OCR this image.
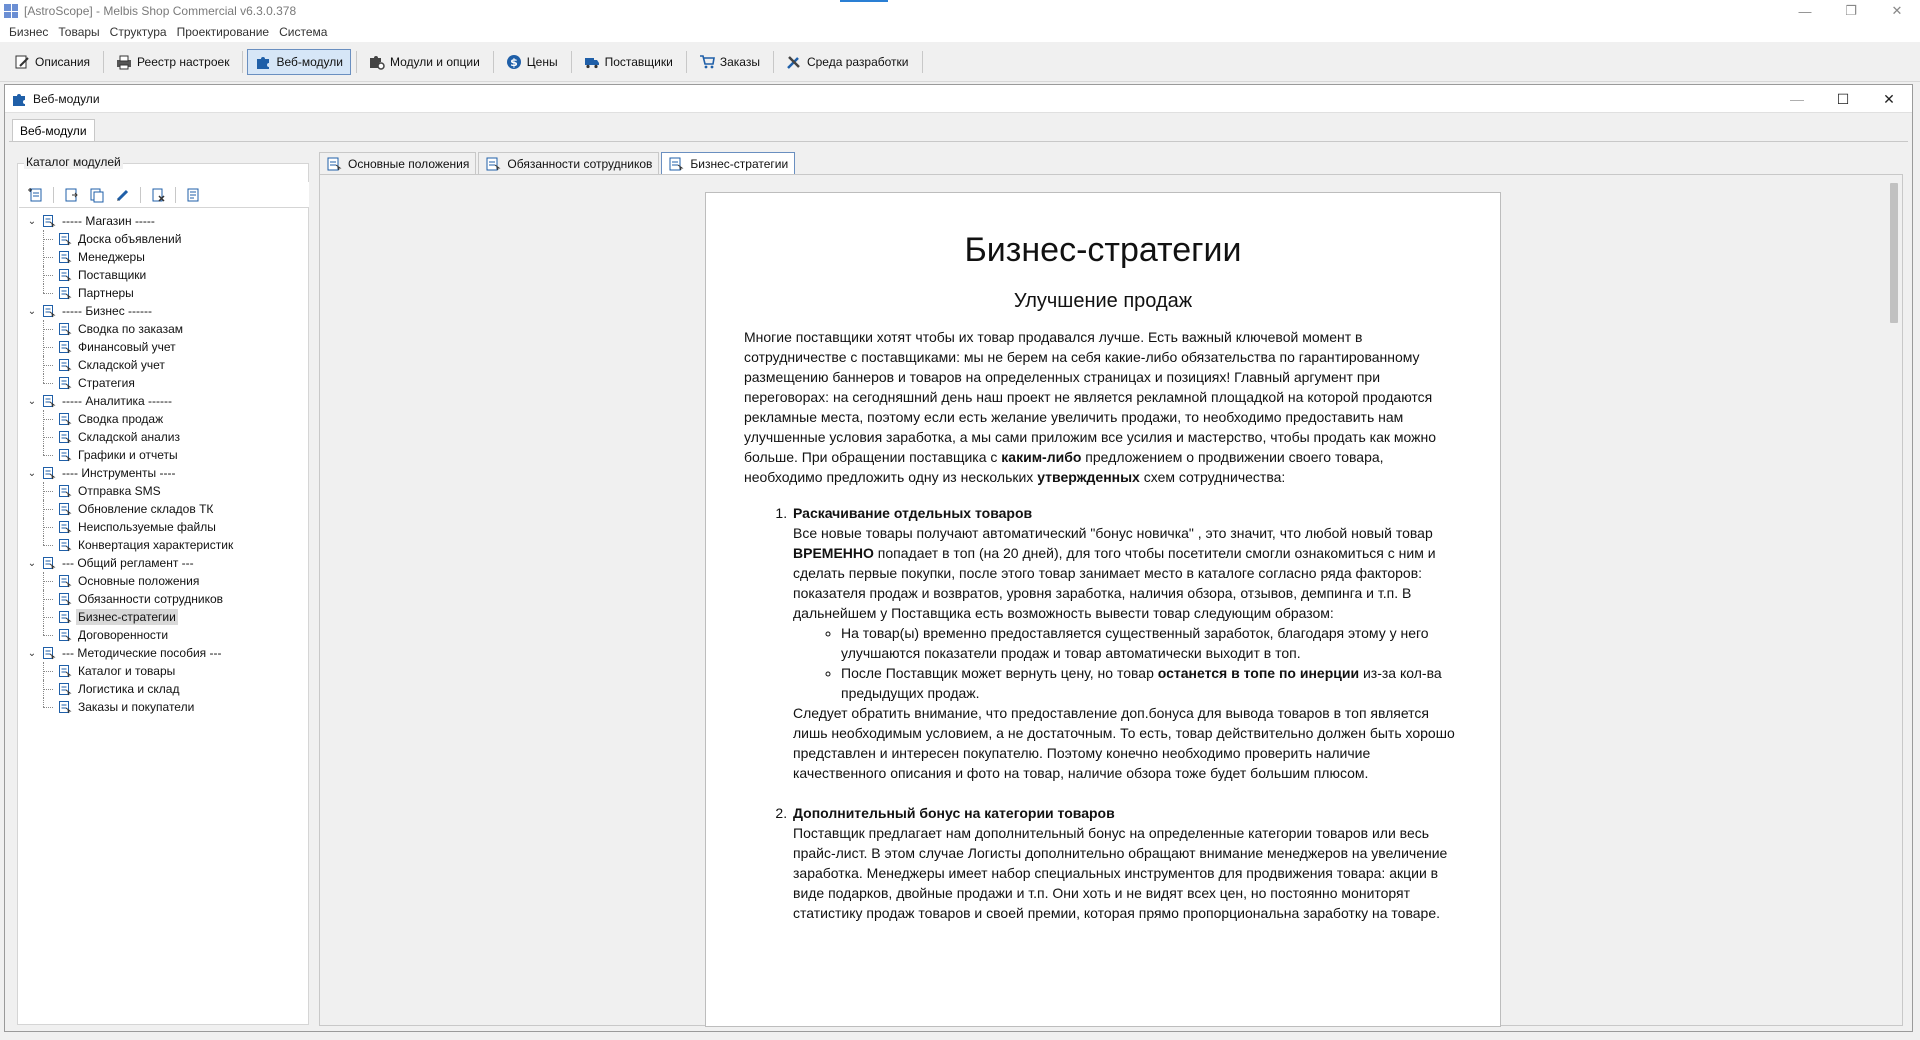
[AstroScope] - Melbis Shop Commercial v6.3.0.378	—	❐	✕
Бизнес Товары Структура Проектирование Система
Описания	Реестр настроек	Веб-модули	Модули и опции	$ Цены	Поставщики	Заказы	Среда разработки
Веб-модули	—	☐	✕
Веб-модули
Каталог модулей
⌄ ----- Магазин -----
Доска объявлений
Менеджеры
Поставщики
Партнеры
⌄ ----- Бизнес ------
Сводка по заказам
Финансовый учет
Складской учет
Стратегия
⌄ ----- Аналитика ------
Сводка продаж
Складской анализ
Графики и отчеты
⌄ ---- Инструменты ----
Отправка SMS
Обновление складов ТК
Неиспользуемые файлы
Конвертация характеристик
⌄ --- Общий регламент ---
Основные положения
Обязанности сотрудников
Бизнес-стратегии
Договоренности
⌄ --- Методические пособия ---
Каталог и товары
Логистика и склад
Заказы и покупатели
Основные положения	Обязанности сотрудников	Бизнес-стратегии
Бизнес-стратегии
Улучшение продаж

Многие поставщики хотят чтобы их товар продавался лучше. Есть важный ключевой момент в сотрудничестве с поставщиками: мы не берем на себя какие-либо обязательства по гарантированному размещению баннеров и товаров на определенных страницах и позициях! Главный аргумент при переговорах: на сегодняшний день наш проект не является рекламной площадкой на которой продаются рекламные места, поэтому если есть желание увеличить продажи, то необходимо предоставить нам улучшенные условия заработка, а мы сами приложим все усилия и мастерство, чтобы продать как можно больше. При обращении поставщика с каким-либо предложением о продвижении своего товара, необходимо предложить одну из нескольких утвержденных схем сотрудничества:

1. Раскачивание отдельных товаров

Все новые товары получают автоматический "бонус новичка" , это значит, что любой новый товар ВРЕМЕННО попадает в топ (на 20 дней), для того чтобы посетители смогли ознакомиться с ним и сделать первые покупки, после этого товар занимает место в каталоге согласно ряда факторов: показателя продаж и возвратов, уровня заработка, наличия обзора, отзывов, демпинга и т.п. В дальнейшем у Поставщика есть возможность вывести товар следующим образом:

◦ На товар(ы) временно предоставляется существенный заработок, благодаря этому у него улучшаются показатели продаж и товар автоматически выходит в топ.
◦ После Поставщик может вернуть цену, но товар останется в топе по инерции из-за кол-ва предыдущих продаж.

Следует обратить внимание, что предоставление доп.бонуса для вывода товаров в топ является лишь необходимым условием, а не достаточным. То есть, товар действительно должен быть хорошо представлен и интересен покупателю. Поэтому конечно необходимо проверить наличие качественного описания и фото на товар, наличие обзора тоже будет большим плюсом.

2. Дополнительный бонус на категории товаров

Поставщик предлагает нам дополнительный бонус на определенные категории товаров или весь прайс-лист. В этом случае Логисты дополнительно обращают внимание менеджеров на увеличение заработка. Менеджеры имеет набор специальных инструментов для продвижения товара: акции в виде подарков, двойные продажи и т.п. Они хоть и не видят всех цен, но постоянно мониторят статистику продаж товаров и своей премии, которая прямо пропорциональна заработку на товаре.
